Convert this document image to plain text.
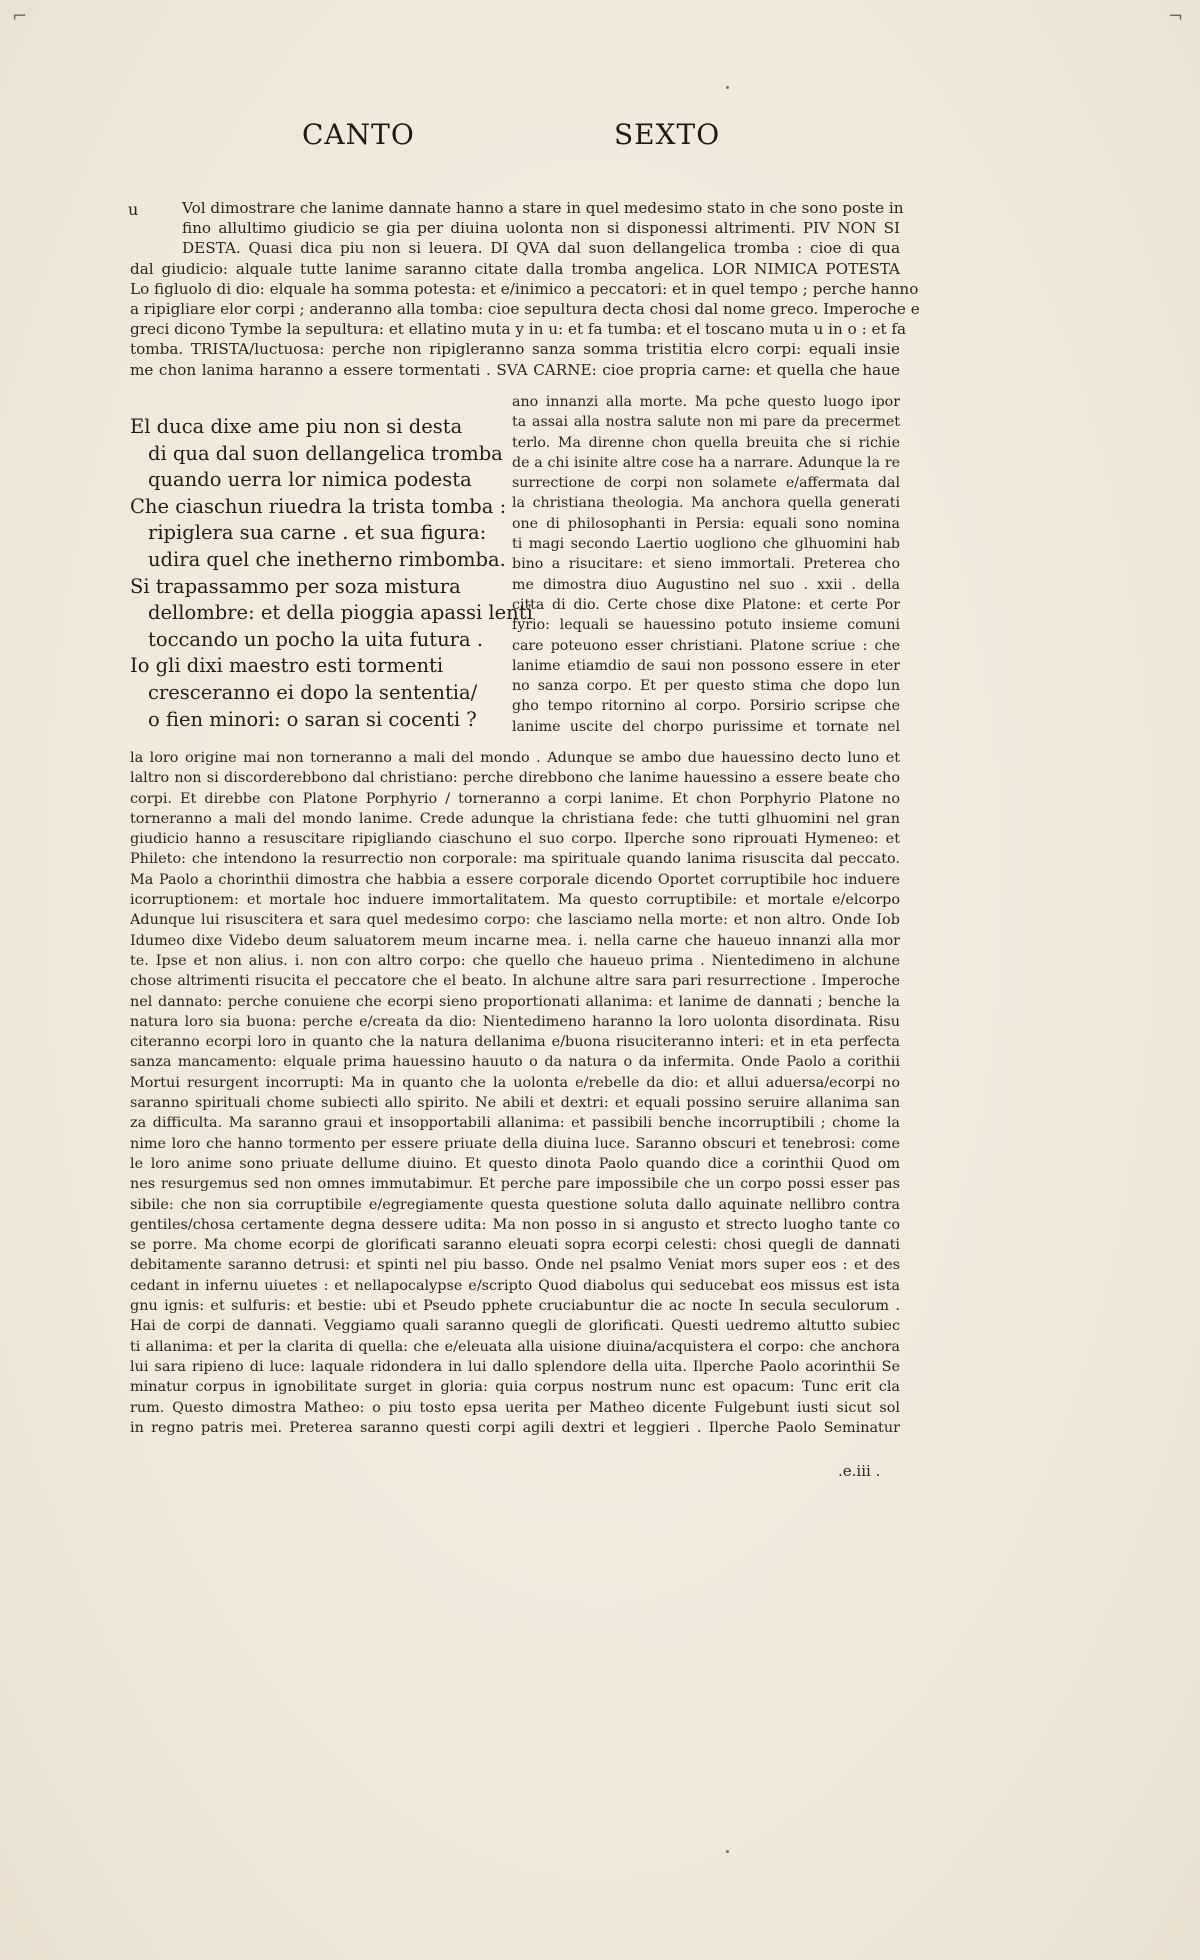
⌐	¬
CANTO	SEXTO
u	Vol dimostrare che lanime dannate hanno a stare in quel medesimo stato in che sono poste in
fino allultimo giudicio se gia per diuina uolonta non si disponessi altrimenti. PIV NON SI
DESTA. Quasi dica piu non si leuera. DI QVA dal suon dellangelica tromba : cioe di qua
dal giudicio: alquale tutte lanime saranno citate dalla tromba angelica. LOR NIMICA POTESTA
Lo figluolo di dio: elquale ha somma potesta: et e/inimico a peccatori: et in quel tempo ; perche hanno
a ripigliare elor corpi ; anderanno alla tomba: cioe sepultura decta chosi dal nome greco. Imperoche e
greci dicono Tymbe la sepultura: et ellatino muta y in u: et fa tumba: et el toscano muta u in o : et fa
tomba. TRISTA/luctuosa: perche non ripigleranno sanza somma tristitia elcro corpi: equali insie
me chon lanima haranno a essere tormentati . SVA CARNE: cioe propria carne: et quella che haue
El duca dixe ame piu non si desta
di qua dal suon dellangelica tromba
quando uerra lor nimica podesta
Che ciaschun riuedra la trista tomba :
ripiglera sua carne . et sua figura:
udira quel che inetherno rimbomba.
Si trapassammo per soza mistura
dellombre: et della pioggia apassi lenti
toccando un pocho la uita futura .
Io gli dixi maestro esti tormenti
cresceranno ei dopo la sententia/
o fien minori: o saran si cocenti ?
ano innanzi alla morte. Ma pche questo luogo ipor
ta assai alla nostra salute non mi pare da precermet
terlo. Ma direnne chon quella breuita che si richie
de a chi isinite altre cose ha a narrare. Adunque la re
surrectione de corpi non solamete e/affermata dal
la christiana theologia. Ma anchora quella generati
one di philosophanti in Persia: equali sono nomina
ti magi secondo Laertio uogliono che glhuomini hab
bino a risucitare: et sieno immortali. Preterea cho
me dimostra diuo Augustino nel suo . xxii . della
citta di dio. Certe chose dixe Platone: et certe Por
fyrio: lequali se hauessino potuto insieme comuni
care poteuono esser christiani. Platone scriue : che
lanime etiamdio de saui non possono essere in eter
no sanza corpo. Et per questo stima che dopo lun
gho tempo ritornino al corpo. Porsirio scripse che
lanime uscite del chorpo purissime et tornate nel
la loro origine mai non torneranno a mali del mondo . Adunque se ambo due hauessino decto luno et
laltro non si discorderebbono dal christiano: perche direbbono che lanime hauessino a essere beate cho
corpi. Et direbbe con Platone Porphyrio / torneranno a corpi lanime. Et chon Porphyrio Platone no
torneranno a mali del mondo lanime. Crede adunque la christiana fede: che tutti glhuomini nel gran
giudicio hanno a resuscitare ripigliando ciaschuno el suo corpo. Ilperche sono riprouati Hymeneo: et
Phileto: che intendono la resurrectio non corporale: ma spirituale quando lanima risuscita dal peccato.
Ma Paolo a chorinthii dimostra che habbia a essere corporale dicendo Oportet corruptibile hoc induere
icorruptionem: et mortale hoc induere immortalitatem. Ma questo corruptibile: et mortale e/elcorpo
Adunque lui risuscitera et sara quel medesimo corpo: che lasciamo nella morte: et non altro. Onde Iob
Idumeo dixe Videbo deum saluatorem meum incarne mea. i. nella carne che haueuo innanzi alla mor
te. Ipse et non alius. i. non con altro corpo: che quello che haueuo prima . Nientedimeno in alchune
chose altrimenti risucita el peccatore che el beato. In alchune altre sara pari resurrectione . Imperoche
nel dannato: perche conuiene che ecorpi sieno proportionati allanima: et lanime de dannati ; benche la
natura loro sia buona: perche e/creata da dio: Nientedimeno haranno la loro uolonta disordinata. Risu
citeranno ecorpi loro in quanto che la natura dellanima e/buona risuciteranno interi: et in eta perfecta
sanza mancamento: elquale prima hauessino hauuto o da natura o da infermita. Onde Paolo a corithii
Mortui resurgent incorrupti: Ma in quanto che la uolonta e/rebelle da dio: et allui aduersa/ecorpi no
saranno spirituali chome subiecti allo spirito. Ne abili et dextri: et equali possino seruire allanima san
za difficulta. Ma saranno graui et insopportabili allanima: et passibili benche incorruptibili ; chome la
nime loro che hanno tormento per essere priuate della diuina luce. Saranno obscuri et tenebrosi: come
le loro anime sono priuate dellume diuino. Et questo dinota Paolo quando dice a corinthii Quod om
nes resurgemus sed non omnes immutabimur. Et perche pare impossibile che un corpo possi esser pas
sibile: che non sia corruptibile e/egregiamente questa questione soluta dallo aquinate nellibro contra
gentiles/chosa certamente degna dessere udita: Ma non posso in si angusto et strecto luogho tante co
se porre. Ma chome ecorpi de glorificati saranno eleuati sopra ecorpi celesti: chosi quegli de dannati
debitamente saranno detrusi: et spinti nel piu basso. Onde nel psalmo Veniat mors super eos : et des
cedant in infernu uiuetes : et nellapocalypse e/scripto Quod diabolus qui seducebat eos missus est ista
gnu ignis: et sulfuris: et bestie: ubi et Pseudo pphete cruciabuntur die ac nocte In secula seculorum .
Hai de corpi de dannati. Veggiamo quali saranno quegli de glorificati. Questi uedremo altutto subiec
ti allanima: et per la clarita di quella: che e/eleuata alla uisione diuina/acquistera el corpo: che anchora
lui sara ripieno di luce: laquale ridondera in lui dallo splendore della uita. Ilperche Paolo acorinthii Se
minatur corpus in ignobilitate surget in gloria: quia corpus nostrum nunc est opacum: Tunc erit cla
rum. Questo dimostra Matheo: o piu tosto epsa uerita per Matheo dicente Fulgebunt iusti sicut sol
in regno patris mei. Preterea saranno questi corpi agili dextri et leggieri . Ilperche Paolo Seminatur
.e.iii .
